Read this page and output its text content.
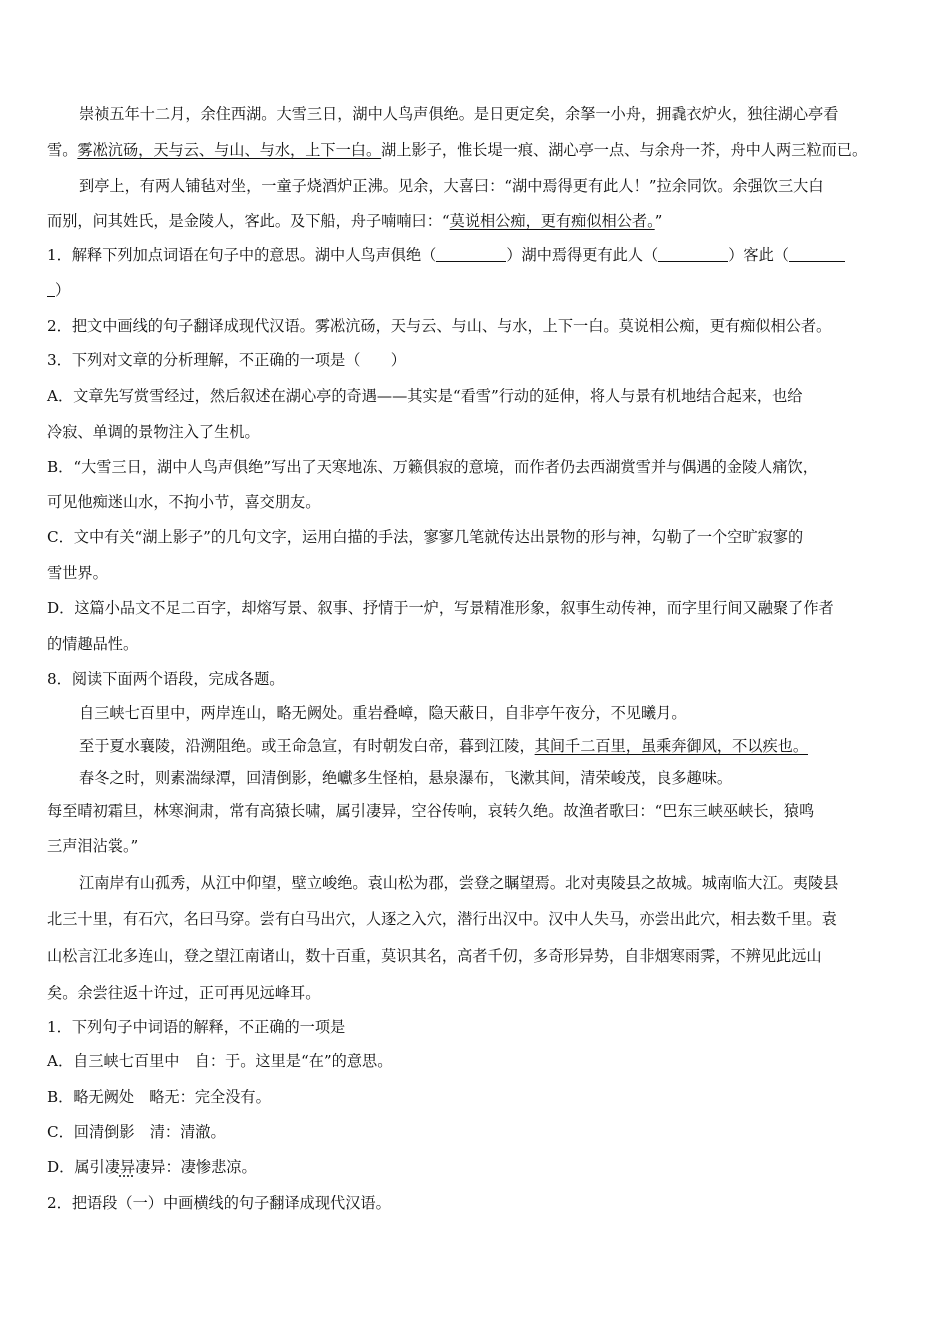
崇祯五年十二月，余住西湖。大雪三日，湖中人鸟声俱绝。是日更定矣，余拏一小舟，拥毳衣炉火，独往湖心亭看
雪。雾凇沆砀，天与云、与山、与水，上下一白。湖上影子，惟长堤一痕、湖心亭一点、与余舟一芥，舟中人两三粒而已。
到亭上，有两人铺毡对坐，一童子烧酒炉正沸。见余，大喜曰：“湖中焉得更有此人！”拉余同饮。余强饮三大白
而别，问其姓氏，是金陵人，客此。及下船，舟子喃喃曰：“莫说相公痴，更有痴似相公者。”
1．解释下列加点词语在句子中的意思。湖中人鸟声俱绝（	）湖中焉得更有此人（	）客此（
）
2．把文中画线的句子翻译成现代汉语。雾凇沆砀，天与云、与山、与水，上下一白。莫说相公痴，更有痴似相公者。
3．下列对文章的分析理解，不正确的一项是（　　）
A．文章先写赏雪经过，然后叙述在湖心亭的奇遇——其实是“看雪”行动的延伸，将人与景有机地结合起来，也给
冷寂、单调的景物注入了生机。
B．“大雪三日，湖中人鸟声俱绝”写出了天寒地冻、万籁俱寂的意境，而作者仍去西湖赏雪并与偶遇的金陵人痛饮，
可见他痴迷山水，不拘小节，喜交朋友。
C．文中有关“湖上影子”的几句文字，运用白描的手法，寥寥几笔就传达出景物的形与神，勾勒了一个空旷寂寥的
雪世界。
D．这篇小品文不足二百字，却熔写景、叙事、抒情于一炉，写景精准形象，叙事生动传神，而字里行间又融聚了作者
的情趣品性。
8．阅读下面两个语段，完成各题。
自三峡七百里中，两岸连山，略无阙处。重岩叠嶂，隐天蔽日，自非亭午夜分，不见曦月。
至于夏水襄陵，沿溯阻绝。或王命急宣，有时朝发白帝，暮到江陵，其间千二百里，虽乘奔御风，不以疾也。
春冬之时，则素湍绿潭，回清倒影，绝巘多生怪柏，悬泉瀑布，飞漱其间，清荣峻茂，良多趣味。
每至晴初霜旦，林寒涧肃，常有高猿长啸，属引凄异，空谷传响，哀转久绝。故渔者歌曰：“巴东三峡巫峡长，猿鸣
三声泪沾裳。”
江南岸有山孤秀，从江中仰望，壁立峻绝。袁山松为郡，尝登之瞩望焉。北对夷陵县之故城。城南临大江。夷陵县
北三十里，有石穴，名曰马穿。尝有白马出穴，人逐之入穴，潜行出汉中。汉中人失马，亦尝出此穴，相去数千里。袁
山松言江北多连山，登之望江南诸山，数十百重，莫识其名，高者千仞，多奇形异势，自非烟寒雨霁，不辨见此远山
矣。余尝往返十许过，正可再见远峰耳。
1．下列句子中词语的解释，不正确的一项是
A．自三峡七百里中　自：于。这里是“在”的意思。
B．略无阙处　略无：完全没有。
C．回清倒影　清：清澈。
D．属引凄异凄异：凄惨悲凉。
2．把语段（一）中画横线的句子翻译成现代汉语。
